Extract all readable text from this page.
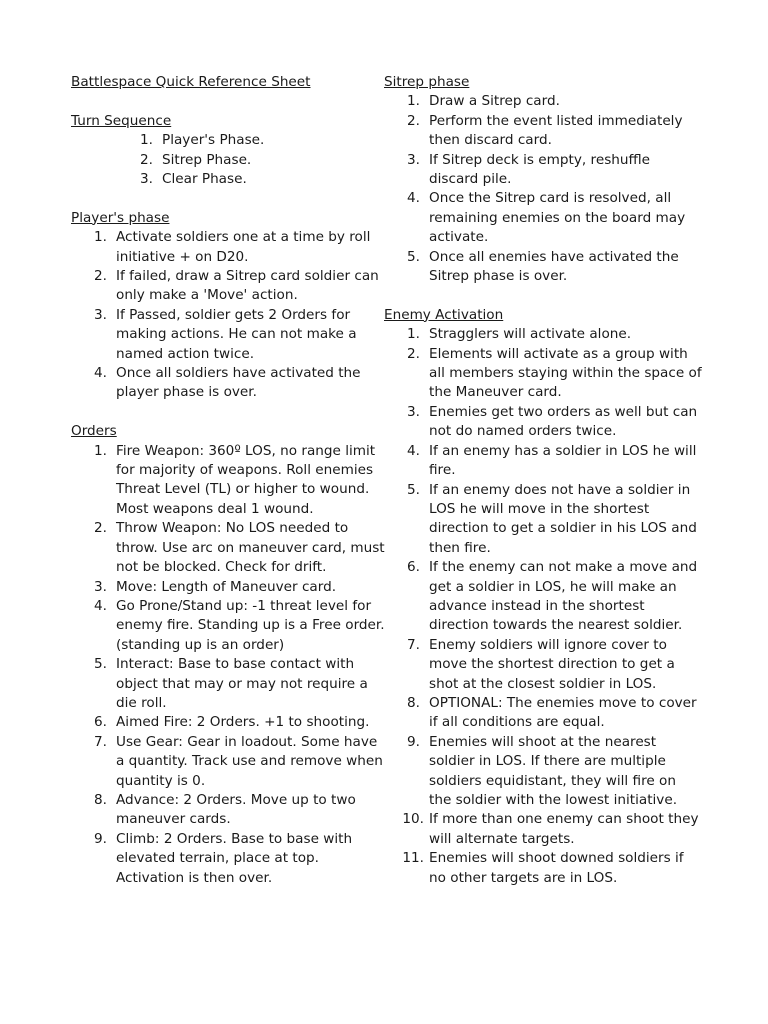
Battlespace Quick Reference Sheet
Turn Sequence
1. Player's Phase.
2. Sitrep Phase.
3. Clear Phase.
Player's phase
1. Activate soldiers one at a time by roll initiative + on D20.
2. If failed, draw a Sitrep card soldier can only make a 'Move' action.
3. If Passed, soldier gets 2 Orders for making actions. He can not make a named action twice.
4. Once all soldiers have activated the player phase is over.
Orders
1. Fire Weapon: 360º LOS, no range limit for majority of weapons. Roll enemies Threat Level (TL) or higher to wound. Most weapons deal 1 wound.
2. Throw Weapon: No LOS needed to throw. Use arc on maneuver card, must not be blocked. Check for drift.
3. Move: Length of Maneuver card.
4. Go Prone/Stand up: -1 threat level for enemy fire. Standing up is a Free order. (standing up is an order)
5. Interact: Base to base contact with object that may or may not require a die roll.
6. Aimed Fire: 2 Orders. +1 to shooting.
7. Use Gear: Gear in loadout. Some have a quantity. Track use and remove when quantity is 0.
8. Advance: 2 Orders. Move up to two maneuver cards.
9. Climb: 2 Orders. Base to base with elevated terrain, place at top. Activation is then over.
Sitrep phase
1. Draw a Sitrep card.
2. Perform the event listed immediately then discard card.
3. If Sitrep deck is empty, reshuffle discard pile.
4. Once the Sitrep card is resolved, all remaining enemies on the board may activate.
5. Once all enemies have activated the Sitrep phase is over.
Enemy Activation
1. Stragglers will activate alone.
2. Elements will activate as a group with all members staying within the space of the Maneuver card.
3. Enemies get two orders as well but can not do named orders twice.
4. If an enemy has a soldier in LOS he will fire.
5. If an enemy does not have a soldier in LOS he will move in the shortest direction to get a soldier in his LOS and then fire.
6. If the enemy can not make a move and get a soldier in LOS, he will make an advance instead in the shortest direction towards the nearest soldier.
7. Enemy soldiers will ignore cover to move the shortest direction to get a shot at the closest soldier in LOS.
8. OPTIONAL: The enemies move to cover if all conditions are equal.
9. Enemies will shoot at the nearest soldier in LOS. If there are multiple soldiers equidistant, they will fire on the soldier with the lowest initiative.
10. If more than one enemy can shoot they will alternate targets.
11. Enemies will shoot downed soldiers if no other targets are in LOS.
